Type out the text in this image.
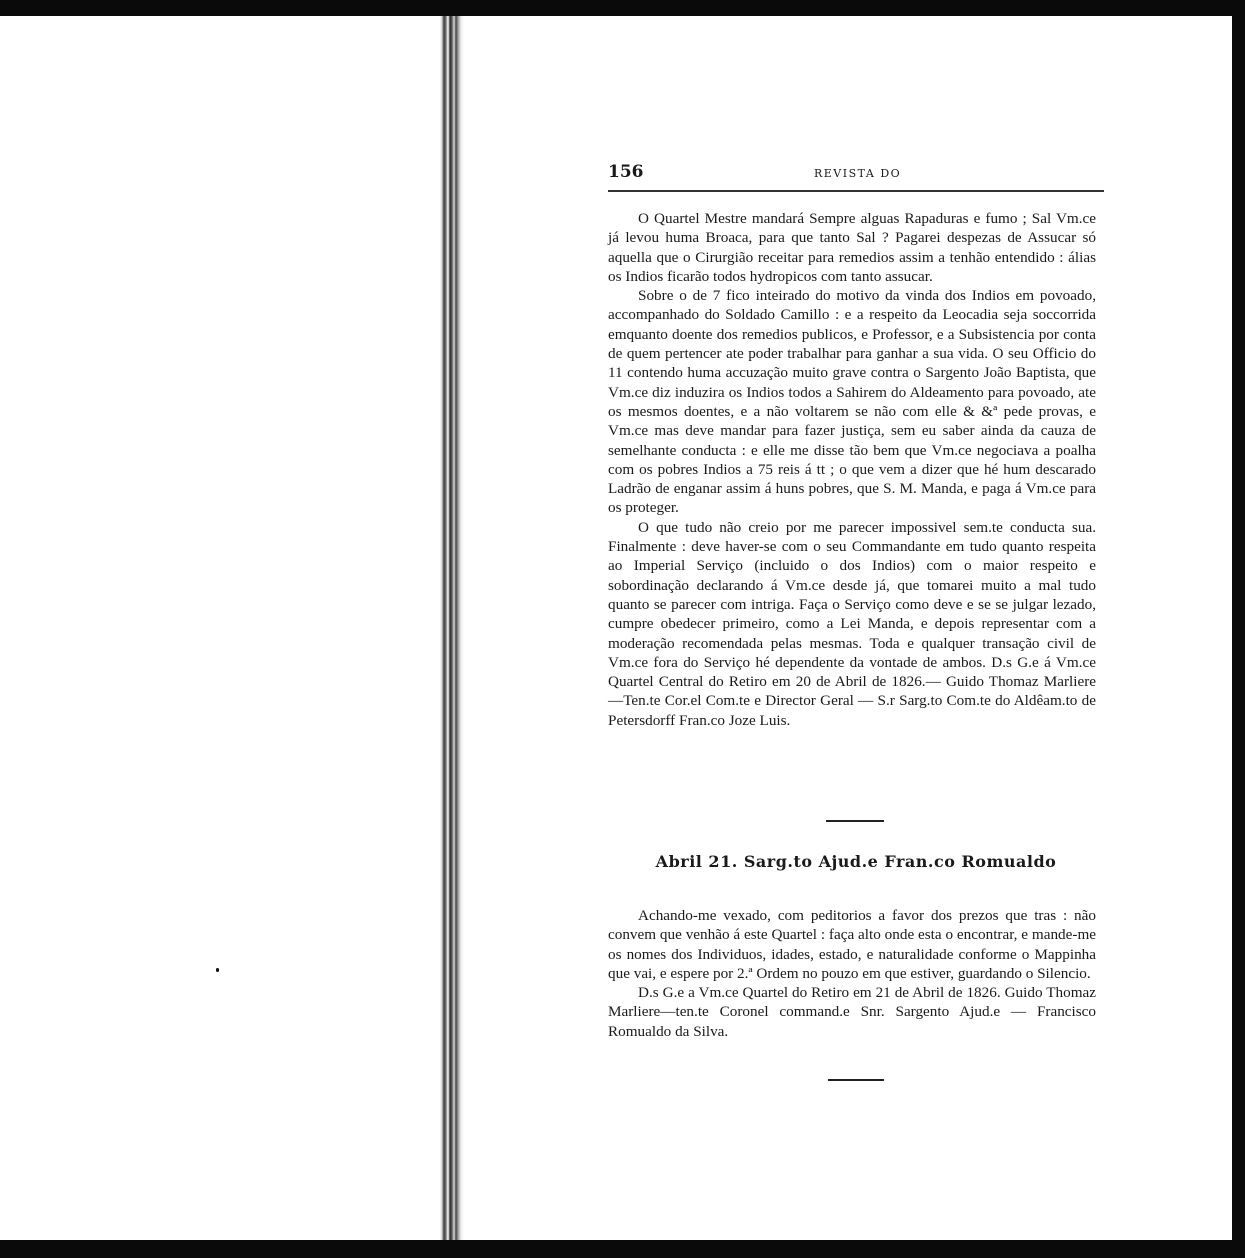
156	REVISTA DO

O Quartel Mestre mandará Sempre alguas Rapaduras e fumo ; Sal Vm.ce já levou huma Broaca, para que tanto Sal ? Pagarei despezas de Assucar só aquella que o Cirurgião receitar para remedios assim a tenhão entendido : álias os Indios ficarão todos hydropicos com tanto assucar.

Sobre o de 7 fico inteirado do motivo da vinda dos Indios em povoado, accompanhado do Soldado Camillo : e a respeito da Leocadia seja soccorrida emquanto doente dos remedios publicos, e Professor, e a Subsistencia por conta de quem pertencer ate poder trabalhar para ganhar a sua vida. O seu Officio do 11 contendo huma accuzação muito grave contra o Sargento João Baptista, que Vm.ce diz induzira os Indios todos a Sahirem do Aldeamento para povoado, ate os mesmos doentes, e a não voltarem se não com elle & &ª pede provas, e Vm.ce mas deve mandar para fazer justiça, sem eu saber ainda da cauza de semelhante conducta : e elle me disse tão bem que Vm.ce negociava a poalha com os pobres Indios a 75 reis á tt ; o que vem a dizer que hé hum descarado Ladrão de enganar assim á huns pobres, que S. M. Manda, e paga á Vm.ce para os proteger.

O que tudo não creio por me parecer impossivel sem.te conducta sua. Finalmente : deve haver-se com o seu Commandante em tudo quanto respeita ao Imperial Serviço (incluido o dos Indios) com o maior respeito e sobordinação declarando á Vm.ce desde já, que tomarei muito a mal tudo quanto se parecer com intriga. Faça o Serviço como deve e se se julgar lezado, cumpre obedecer primeiro, como a Lei Manda, e depois representar com a moderação recomendada pelas mesmas. Toda e qualquer transação civil de Vm.ce fora do Serviço hé dependente da vontade de ambos. D.s G.e á Vm.ce Quartel Central do Retiro em 20 de Abril de 1826.— Guido Thomaz Marliere —Ten.te Cor.el Com.te e Director Geral — S.r Sarg.to Com.te do Aldêam.to de Petersdorff Fran.co Joze Luis.

Abril 21. Sarg.to Ajud.e Fran.co Romualdo

Achando-me vexado, com peditorios a favor dos prezos que tras : não convem que venhão á este Quartel : faça alto onde esta o encontrar, e mande-me os nomes dos Individuos, idades, estado, e naturalidade conforme o Mappinha que vai, e espere por 2.ª Ordem no pouzo em que estiver, guardando o Silencio.

D.s G.e a Vm.ce Quartel do Retiro em 21 de Abril de 1826. Guido Thomaz Marliere—ten.te Coronel command.e Snr. Sargento Ajud.e — Francisco Romualdo da Silva.
